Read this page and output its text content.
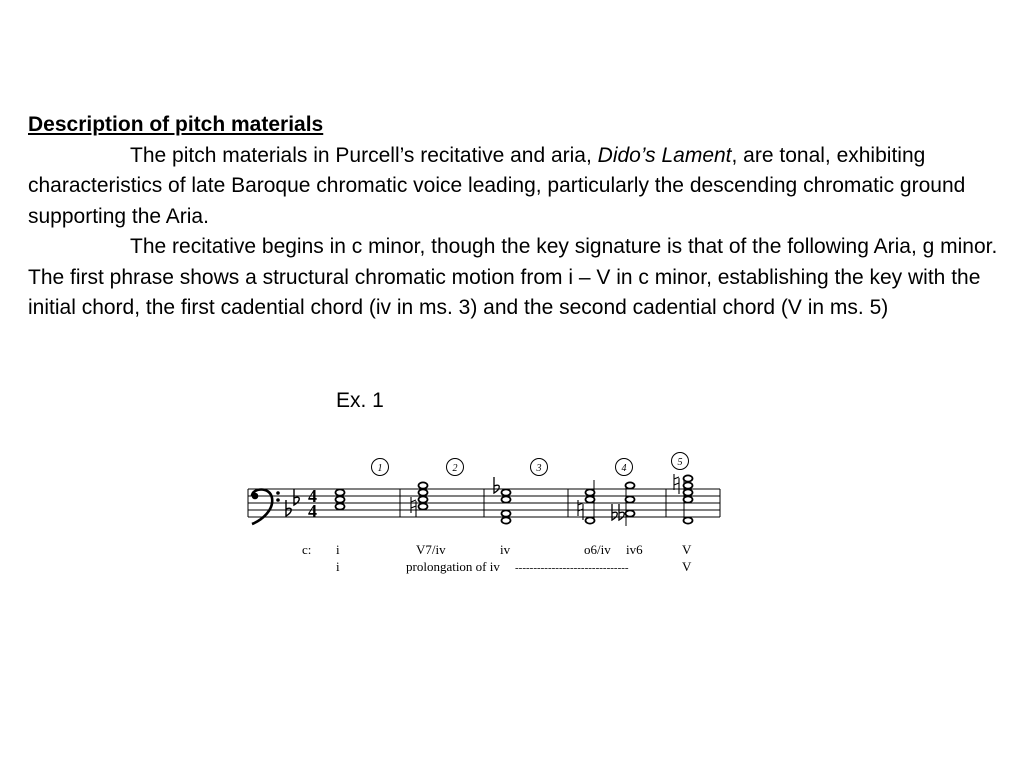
Description of pitch materials

The pitch materials in Purcell’s recitative and aria, Dido’s Lament, are tonal, exhibiting characteristics of late Baroque chromatic voice leading, particularly the descending chromatic ground supporting the Aria.

The recitative begins in c minor, though the key signature is that of the following Aria, g minor. The first phrase shows a structural chromatic motion from i – V in c minor, establishing the key with the initial chord, the first cadential chord (iv in ms. 3) and the second cadential chord (V in ms. 5)

Ex. 1
4
4
1	2	3	4
5
c: i	V7/iv	iv	o6/iv iv6	V
i	prolongation of iv -------------------------------	V
